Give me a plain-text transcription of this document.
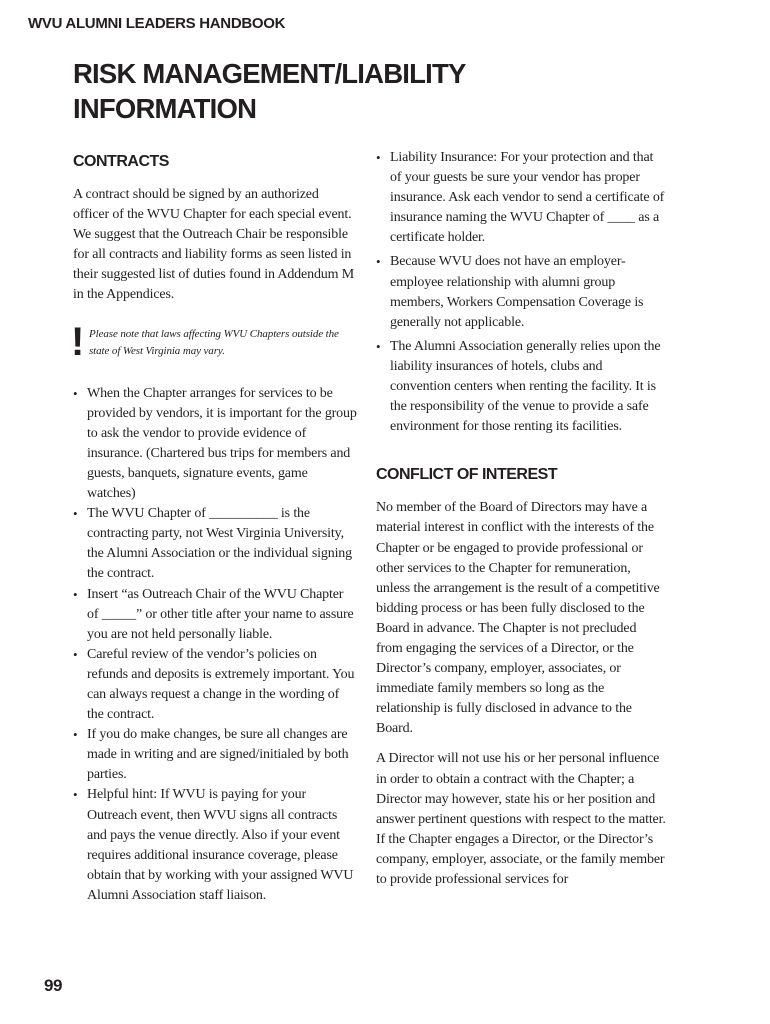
WVU ALUMNI LEADERS HANDBOOK
RISK MANAGEMENT/LIABILITY
INFORMATION
CONTRACTS

A contract should be signed by an authorized officer of the WVU Chapter for each special event. We suggest that the Outreach Chair be responsible for all contracts and liability forms as seen listed in their suggested list of duties found in Addendum M in the Appendices.

! Please note that laws affecting WVU Chapters outside the state of West Virginia may vary.

• When the Chapter arranges for services to be provided by vendors, it is important for the group to ask the vendor to provide evidence of insurance. (Chartered bus trips for members and guests, banquets, signature events, game watches)
• The WVU Chapter of __________ is the contracting party, not West Virginia University, the Alumni Association or the individual signing the contract.
• Insert “as Outreach Chair of the WVU Chapter of _____” or other title after your name to assure you are not held personally liable.
• Careful review of the vendor’s policies on refunds and deposits is extremely important. You can always request a change in the wording of the contract.
• If you do make changes, be sure all changes are made in writing and are signed/initialed by both parties.
• Helpful hint: If WVU is paying for your Outreach event, then WVU signs all contracts and pays the venue directly. Also if your event requires additional insurance coverage, please obtain that by working with your assigned WVU Alumni Association staff liaison.
• Liability Insurance: For your protection and that of your guests be sure your vendor has proper insurance. Ask each vendor to send a certificate of insurance naming the WVU Chapter of ____ as a certificate holder.
• Because WVU does not have an employer-employee relationship with alumni group members, Workers Compensation Coverage is generally not applicable.
• The Alumni Association generally relies upon the liability insurances of hotels, clubs and convention centers when renting the facility. It is the responsibility of the venue to provide a safe environment for those renting its facilities.
CONFLICT OF INTEREST

No member of the Board of Directors may have a material interest in conflict with the interests of the Chapter or be engaged to provide professional or other services to the Chapter for remuneration, unless the arrangement is the result of a competitive bidding process or has been fully disclosed to the Board in advance. The Chapter is not precluded from engaging the services of a Director, or the Director’s company, employer, associates, or immediate family members so long as the relationship is fully disclosed in advance to the Board.

A Director will not use his or her personal influence in order to obtain a contract with the Chapter; a Director may however, state his or her position and answer pertinent questions with respect to the matter. If the Chapter engages a Director, or the Director’s company, employer, associate, or the family member to provide professional services for

99
